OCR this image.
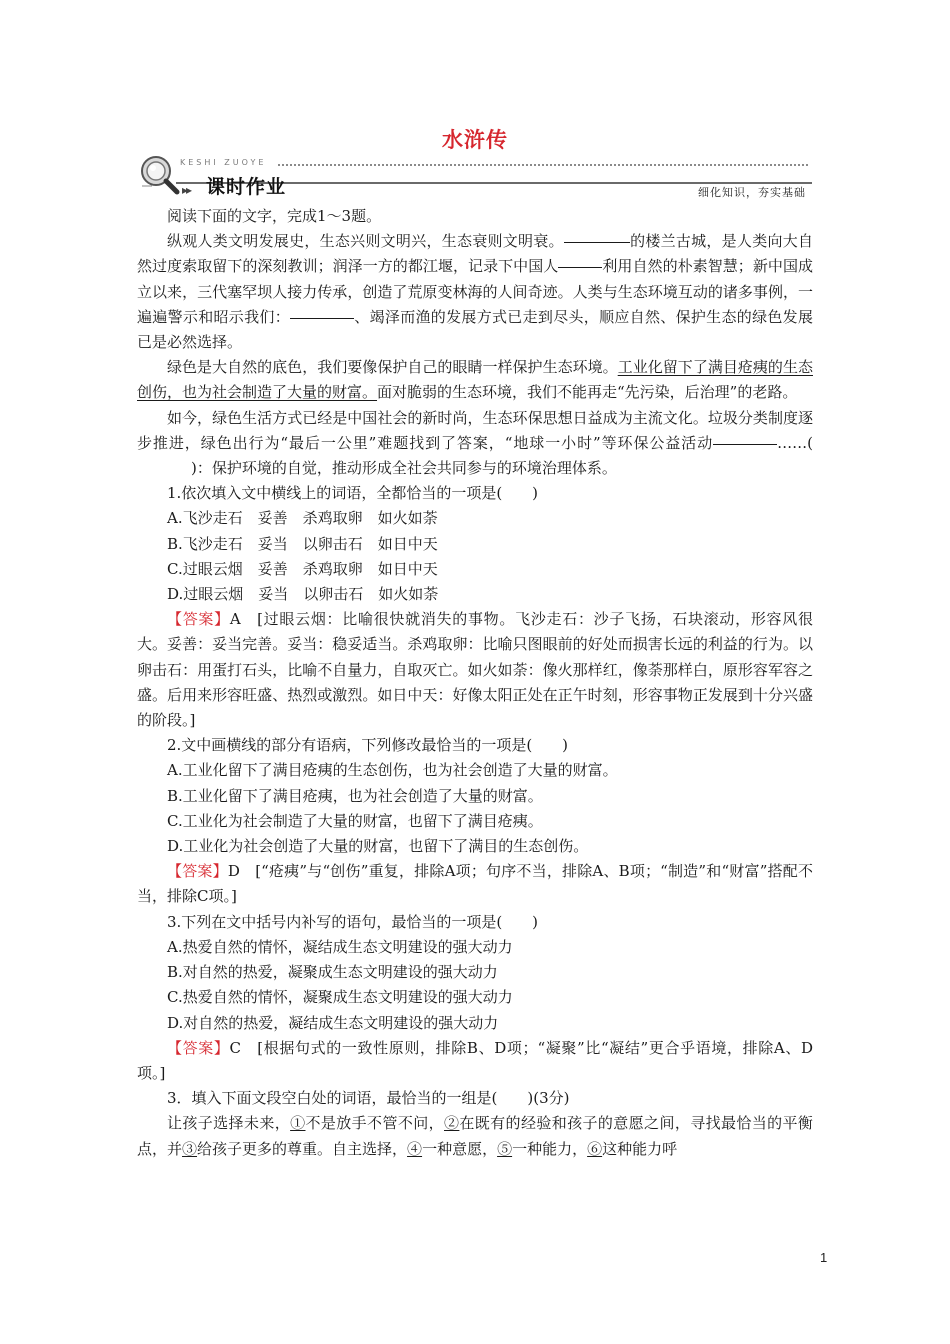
水浒传
KESHI ZUOYE
▸▸ 课时作业	细化知识，夯实基础

阅读下面的文字，完成1～3题。

纵观人类文明发展史，生态兴则文明兴，生态衰则文明衰。	的楼兰古城，是人类向大自然过度索取留下的深刻教训；润泽一方的都江堰，记录下中国人	利用自然的朴素智慧；新中国成立以来，三代塞罕坝人接力传承，创造了荒原变林海的人间奇迹。人类与生态环境互动的诸多事例，一遍遍警示和昭示我们：	、竭泽而渔的发展方式已走到尽头，顺应自然、保护生态的绿色发展已是必然选择。

绿色是大自然的底色，我们要像保护自己的眼睛一样保护生态环境。工业化留下了满目疮痍的生态创伤，也为社会制造了大量的财富。面对脆弱的生态环境，我们不能再走“先污染，后治理”的老路。

如今，绿色生活方式已经是中国社会的新时尚，生态环保思想日益成为主流文化。垃圾分类制度逐步推进，绿色出行为“最后一公里”难题找到了答案，“地球一小时”等环保公益活动	……()：保护环境的自觉，推动形成全社会共同参与的环境治理体系。

1.依次填入文中横线上的词语，全都恰当的一项是(　　)

A.飞沙走石　妥善　杀鸡取卵　如火如荼

B.飞沙走石　妥当　以卵击石　如日中天

C.过眼云烟　妥善　杀鸡取卵　如日中天

D.过眼云烟　妥当　以卵击石　如火如荼

【答案】A　[过眼云烟：比喻很快就消失的事物。飞沙走石：沙子飞扬，石块滚动，形容风很大。妥善：妥当完善。妥当：稳妥适当。杀鸡取卵：比喻只图眼前的好处而损害长远的利益的行为。以卵击石：用蛋打石头，比喻不自量力，自取灭亡。如火如荼：像火那样红，像荼那样白，原形容军容之盛。后用来形容旺盛、热烈或激烈。如日中天：好像太阳正处在正午时刻，形容事物正发展到十分兴盛的阶段。]

2.文中画横线的部分有语病，下列修改最恰当的一项是(　　)

A.工业化留下了满目疮痍的生态创伤，也为社会创造了大量的财富。

B.工业化留下了满目疮痍，也为社会创造了大量的财富。

C.工业化为社会制造了大量的财富，也留下了满目疮痍。

D.工业化为社会创造了大量的财富，也留下了满目的生态创伤。

【答案】D　[“疮痍”与“创伤”重复，排除A项；句序不当，排除A、B项；“制造”和“财富”搭配不当，排除C项。]

3.下列在文中括号内补写的语句，最恰当的一项是(　　)

A.热爱自然的情怀，凝结成生态文明建设的强大动力

B.对自然的热爱，凝聚成生态文明建设的强大动力

C.热爱自然的情怀，凝聚成生态文明建设的强大动力

D.对自然的热爱，凝结成生态文明建设的强大动力

【答案】C　[根据句式的一致性原则，排除B、D项；“凝聚”比“凝结”更合乎语境，排除A、D项。]

3．填入下面文段空白处的词语，最恰当的一组是(　　)(3分)

让孩子选择未来，①不是放手不管不问，②在既有的经验和孩子的意愿之间，寻找最恰当的平衡点，并③给孩子更多的尊重。自主选择，④一种意愿，⑤一种能力，⑥这种能力呼

1
